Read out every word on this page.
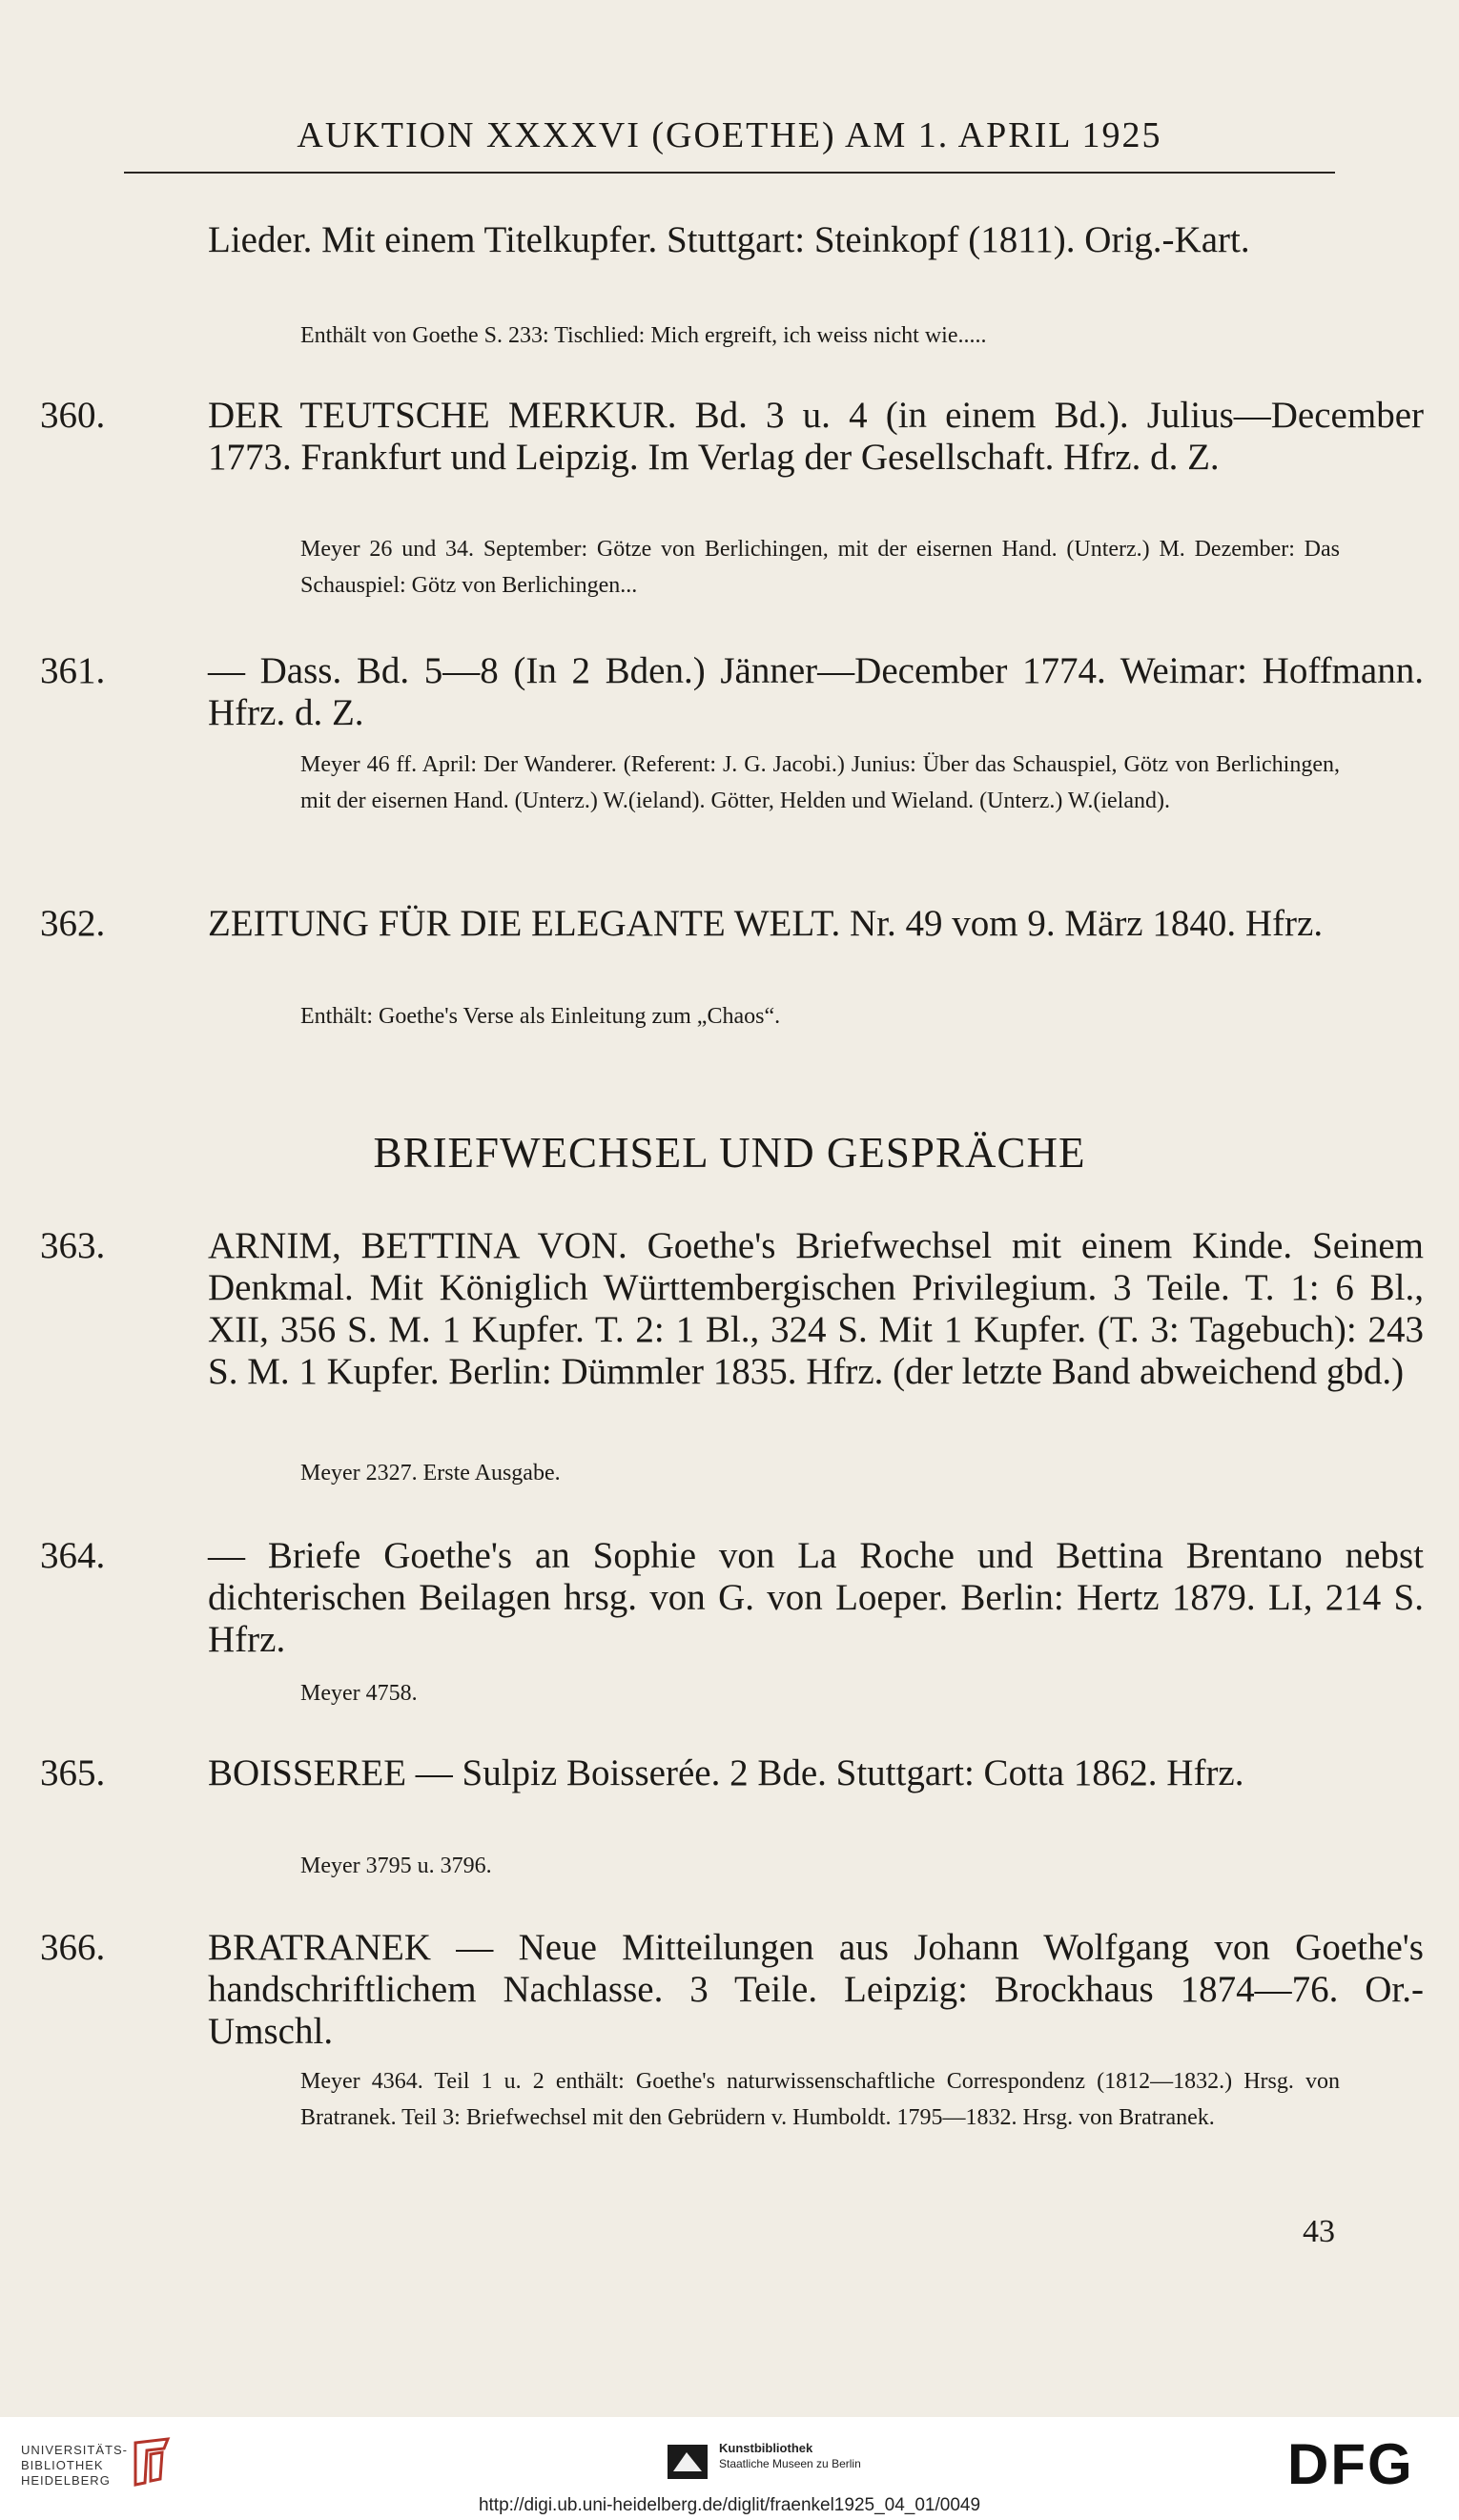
AUKTION XXXXVI (GOETHE) AM 1. APRIL 1925

Lieder. Mit einem Titelkupfer. Stuttgart: Steinkopf (1811). Orig.-Kart.

Enthält von Goethe S. 233: Tischlied: Mich ergreift, ich weiss nicht wie.....

360.	DER TEUTSCHE MERKUR. Bd. 3 u. 4 (in einem Bd.). Julius—December 1773. Frankfurt und Leipzig. Im Verlag der Gesellschaft. Hfrz. d. Z.

Meyer 26 und 34. September: Götze von Berlichingen, mit der eisernen Hand. (Unterz.) M. Dezember: Das Schauspiel: Götz von Berlichingen...

361.	— Dass. Bd. 5—8 (In 2 Bden.) Jänner—December 1774. Weimar: Hoffmann. Hfrz. d. Z.

Meyer 46 ff. April: Der Wanderer. (Referent: J. G. Jacobi.) Junius: Über das Schauspiel, Götz von Berlichingen, mit der eisernen Hand. (Unterz.) W.(ieland). Götter, Helden und Wieland. (Unterz.) W.(ieland).

362.	ZEITUNG FÜR DIE ELEGANTE WELT. Nr. 49 vom 9. März 1840. Hfrz.

Enthält: Goethe's Verse als Einleitung zum „Chaos“.

BRIEFWECHSEL UND GESPRÄCHE

363.	ARNIM, BETTINA VON. Goethe's Briefwechsel mit einem Kinde. Seinem Denkmal. Mit Königlich Württembergischen Privilegium. 3 Teile. T. 1: 6 Bl., XII, 356 S. M. 1 Kupfer. T. 2: 1 Bl., 324 S. Mit 1 Kupfer. (T. 3: Tagebuch): 243 S. M. 1 Kupfer. Berlin: Dümmler 1835. Hfrz. (der letzte Band abweichend gbd.)

Meyer 2327. Erste Ausgabe.

364.	— Briefe Goethe's an Sophie von La Roche und Bettina Brentano nebst dichterischen Beilagen hrsg. von G. von Loeper. Berlin: Hertz 1879. LI, 214 S. Hfrz.

Meyer 4758.

365.	BOISSEREE — Sulpiz Boisserée. 2 Bde. Stuttgart: Cotta 1862. Hfrz.

Meyer 3795 u. 3796.

366.	BRATRANEK — Neue Mitteilungen aus Johann Wolfgang von Goethe's handschriftlichem Nachlasse. 3 Teile. Leipzig: Brockhaus 1874—76. Or.-Umschl.

Meyer 4364. Teil 1 u. 2 enthält: Goethe's naturwissenschaftliche Correspondenz (1812—1832.) Hrsg. von Bratranek. Teil 3: Briefwechsel mit den Gebrüdern v. Humboldt. 1795—1832. Hrsg. von Bratranek.

43
UNIVERSITÄTS-
BIBLIOTHEK
HEIDELBERG
Kunstbibliothek
Staatliche Museen zu Berlin	DFG
http://digi.ub.uni-heidelberg.de/diglit/fraenkel1925_04_01/0049
